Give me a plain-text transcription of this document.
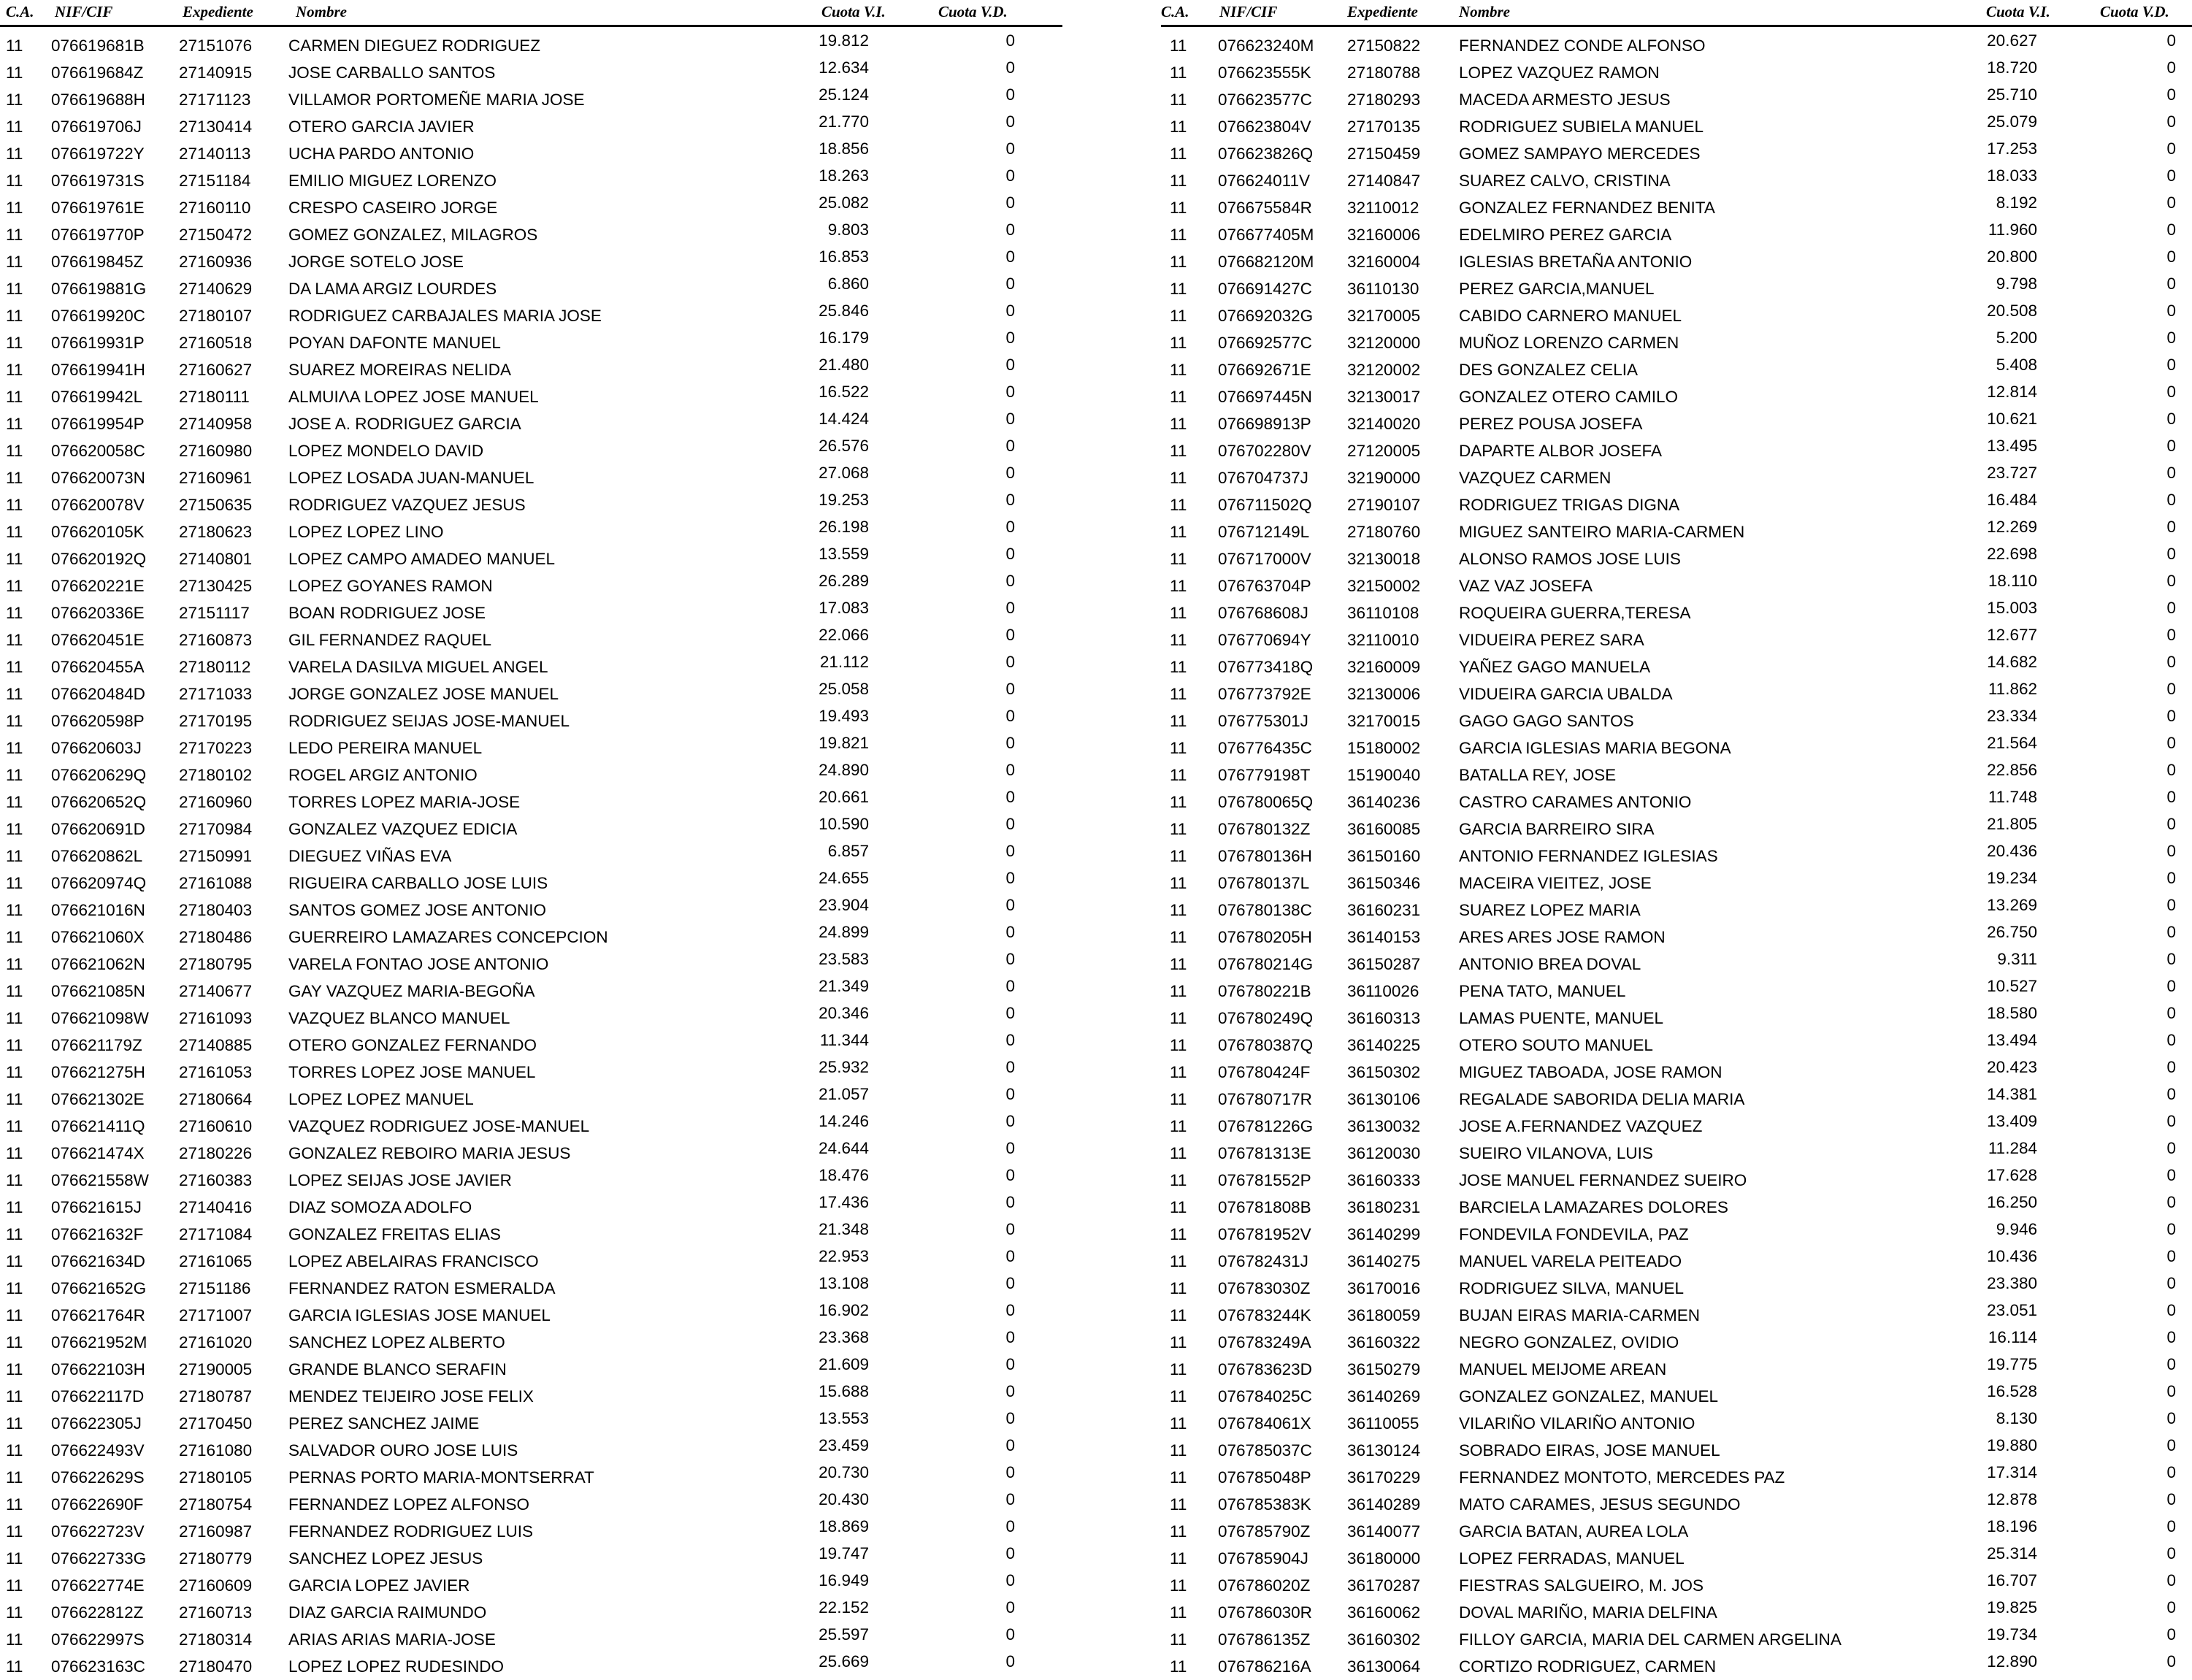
C.A. NIF/CIF	Expediente	Nombre	Cuota V.I.	Cuota V.D.
11 076619681B 27151076 CARMEN DIEGUEZ RODRIGUEZ	19.812	0
11 076619684Z 27140915 JOSE CARBALLO SANTOS	12.634	0
11 076619688H 27171123 VILLAMOR PORTOMEÑE MARIA JOSE	25.124	0
11 076619706J 27130414 OTERO GARCIA JAVIER	21.770	0
11 076619722Y 27140113 UCHA PARDO ANTONIO	18.856	0
11 076619731S 27151184 EMILIO MIGUEZ LORENZO	18.263	0
11 076619761E 27160110 CRESPO CASEIRO JORGE	25.082	0
11 076619770P 27150472 GOMEZ GONZALEZ, MILAGROS	9.803	0
11 076619845Z 27160936 JORGE SOTELO JOSE	16.853	0
11 076619881G 27140629 DA LAMA ARGIZ LOURDES	6.860	0
11 076619920C 27180107 RODRIGUEZ CARBAJALES MARIA JOSE	25.846	0
11 076619931P 27160518 POYAN DAFONTE MANUEL	16.179	0
11 076619941H 27160627 SUAREZ MOREIRAS NELIDA	21.480	0
11 076619942L 27180111 ALMUIΛA LOPEZ JOSE MANUEL	16.522	0
11 076619954P 27140958 JOSE A. RODRIGUEZ GARCIA	14.424	0
11 076620058C 27160980 LOPEZ MONDELO DAVID	26.576	0
11 076620073N 27160961 LOPEZ LOSADA JUAN-MANUEL	27.068	0
11 076620078V 27150635 RODRIGUEZ VAZQUEZ JESUS	19.253	0
11 076620105K 27180623 LOPEZ LOPEZ LINO	26.198	0
11 076620192Q 27140801 LOPEZ CAMPO AMADEO MANUEL	13.559	0
11 076620221E 27130425 LOPEZ GOYANES RAMON	26.289	0
11 076620336E 27151117 BOAN RODRIGUEZ JOSE	17.083	0
11 076620451E 27160873 GIL FERNANDEZ RAQUEL	22.066	0
11 076620455A 27180112 VARELA DASILVA MIGUEL ANGEL	21.112	0
11 076620484D 27171033 JORGE GONZALEZ JOSE MANUEL	25.058	0
11 076620598P 27170195 RODRIGUEZ SEIJAS JOSE-MANUEL	19.493	0
11 076620603J 27170223 LEDO PEREIRA MANUEL	19.821	0
11 076620629Q 27180102 ROGEL ARGIZ ANTONIO	24.890	0
11 076620652Q 27160960 TORRES LOPEZ MARIA-JOSE	20.661	0
11 076620691D 27170984 GONZALEZ VAZQUEZ EDICIA	10.590	0
11 076620862L 27150991 DIEGUEZ VIÑAS EVA	6.857	0
11 076620974Q 27161088 RIGUEIRA CARBALLO JOSE LUIS	24.655	0
11 076621016N 27180403 SANTOS GOMEZ JOSE ANTONIO	23.904	0
11 076621060X 27180486 GUERREIRO LAMAZARES CONCEPCION	24.899	0
11 076621062N 27180795 VARELA FONTAO JOSE ANTONIO	23.583	0
11 076621085N 27140677 GAY VAZQUEZ MARIA-BEGOÑA	21.349	0
11 076621098W 27161093 VAZQUEZ BLANCO MANUEL	20.346	0
11 076621179Z 27140885 OTERO GONZALEZ FERNANDO	11.344	0
11 076621275H 27161053 TORRES LOPEZ JOSE MANUEL	25.932	0
11 076621302E 27180664 LOPEZ LOPEZ MANUEL	21.057	0
11 076621411Q 27160610 VAZQUEZ RODRIGUEZ JOSE-MANUEL	14.246	0
11 076621474X 27180226 GONZALEZ REBOIRO MARIA JESUS	24.644	0
11 076621558W 27160383 LOPEZ SEIJAS JOSE JAVIER	18.476	0
11 076621615J 27140416 DIAZ SOMOZA ADOLFO	17.436	0
11 076621632F 27171084 GONZALEZ FREITAS ELIAS	21.348	0
11 076621634D 27161065 LOPEZ ABELAIRAS FRANCISCO	22.953	0
11 076621652G 27151186 FERNANDEZ RATON ESMERALDA	13.108	0
11 076621764R 27171007 GARCIA IGLESIAS JOSE MANUEL	16.902	0
11 076621952M 27161020 SANCHEZ LOPEZ ALBERTO	23.368	0
11 076622103H 27190005 GRANDE BLANCO SERAFIN	21.609	0
11 076622117D 27180787 MENDEZ TEIJEIRO JOSE FELIX	15.688	0
11 076622305J 27170450 PEREZ SANCHEZ JAIME	13.553	0
11 076622493V 27161080 SALVADOR OURO JOSE LUIS	23.459	0
11 076622629S 27180105 PERNAS PORTO MARIA-MONTSERRAT	20.730	0
11 076622690F 27180754 FERNANDEZ LOPEZ ALFONSO	20.430	0
11 076622723V 27160987 FERNANDEZ RODRIGUEZ LUIS	18.869	0
11 076622733G 27180779 SANCHEZ LOPEZ JESUS	19.747	0
11 076622774E 27160609 GARCIA LOPEZ JAVIER	16.949	0
11 076622812Z 27160713 DIAZ GARCIA RAIMUNDO	22.152	0
11 076622997S 27180314 ARIAS ARIAS MARIA-JOSE	25.597	0
11 076623163C 27180470 LOPEZ LOPEZ RUDESINDO	25.669	0
C.A. NIF/CIF	Expediente	Nombre	Cuota V.I.	Cuota V.D.
11 076623240M 27150822 FERNANDEZ CONDE ALFONSO	20.627	0
11 076623555K 27180788 LOPEZ VAZQUEZ RAMON	18.720	0
11 076623577C 27180293 MACEDA ARMESTO JESUS	25.710	0
11 076623804V 27170135 RODRIGUEZ SUBIELA MANUEL	25.079	0
11 076623826Q 27150459 GOMEZ SAMPAYO MERCEDES	17.253	0
11 076624011V 27140847 SUAREZ CALVO, CRISTINA	18.033	0
11 076675584R 32110012 GONZALEZ FERNANDEZ BENITA	8.192	0
11 076677405M 32160006 EDELMIRO PEREZ GARCIA	11.960	0
11 076682120M 32160004 IGLESIAS BRETAÑA ANTONIO	20.800	0
11 076691427C 36110130 PEREZ GARCIA,MANUEL	9.798	0
11 076692032G 32170005 CABIDO CARNERO MANUEL	20.508	0
11 076692577C 32120000 MUÑOZ LORENZO CARMEN	5.200	0
11 076692671E 32120002 DES GONZALEZ CELIA	5.408	0
11 076697445N 32130017 GONZALEZ OTERO CAMILO	12.814	0
11 076698913P 32140020 PEREZ POUSA JOSEFA	10.621	0
11 076702280V 27120005 DAPARTE ALBOR JOSEFA	13.495	0
11 076704737J 32190000 VAZQUEZ CARMEN	23.727	0
11 076711502Q 27190107 RODRIGUEZ TRIGAS DIGNA	16.484	0
11 076712149L 27180760 MIGUEZ SANTEIRO MARIA-CARMEN	12.269	0
11 076717000V 32130018 ALONSO RAMOS JOSE LUIS	22.698	0
11 076763704P 32150002 VAZ VAZ JOSEFA	18.110	0
11 076768608J 36110108 ROQUEIRA GUERRA,TERESA	15.003	0
11 076770694Y 32110010 VIDUEIRA PEREZ SARA	12.677	0
11 076773418Q 32160009 YAÑEZ GAGO MANUELA	14.682	0
11 076773792E 32130006 VIDUEIRA GARCIA UBALDA	11.862	0
11 076775301J 32170015 GAGO GAGO SANTOS	23.334	0
11 076776435C 15180002 GARCIA IGLESIAS MARIA BEGONA	21.564	0
11 076779198T 15190040 BATALLA REY, JOSE	22.856	0
11 076780065Q 36140236 CASTRO CARAMES ANTONIO	11.748	0
11 076780132Z 36160085 GARCIA BARREIRO SIRA	21.805	0
11 076780136H 36150160 ANTONIO FERNANDEZ IGLESIAS	20.436	0
11 076780137L 36150346 MACEIRA VIEITEZ, JOSE	19.234	0
11 076780138C 36160231 SUAREZ LOPEZ MARIA	13.269	0
11 076780205H 36140153 ARES ARES JOSE RAMON	26.750	0
11 076780214G 36150287 ANTONIO BREA DOVAL	9.311	0
11 076780221B 36110026 PENA TATO, MANUEL	10.527	0
11 076780249Q 36160313 LAMAS PUENTE, MANUEL	18.580	0
11 076780387Q 36140225 OTERO SOUTO MANUEL	13.494	0
11 076780424F 36150302 MIGUEZ TABOADA, JOSE RAMON	20.423	0
11 076780717R 36130106 REGALADE SABORIDA DELIA MARIA	14.381	0
11 076781226G 36130032 JOSE A.FERNANDEZ VAZQUEZ	13.409	0
11 076781313E 36120030 SUEIRO VILANOVA, LUIS	11.284	0
11 076781552P 36160333 JOSE MANUEL FERNANDEZ SUEIRO	17.628	0
11 076781808B 36180231 BARCIELA LAMAZARES DOLORES	16.250	0
11 076781952V 36140299 FONDEVILA FONDEVILA, PAZ	9.946	0
11 076782431J 36140275 MANUEL VARELA PEITEADO	10.436	0
11 076783030Z 36170016 RODRIGUEZ SILVA, MANUEL	23.380	0
11 076783244K 36180059 BUJAN EIRAS MARIA-CARMEN	23.051	0
11 076783249A 36160322 NEGRO GONZALEZ, OVIDIO	16.114	0
11 076783623D 36150279 MANUEL MEIJOME AREAN	19.775	0
11 076784025C 36140269 GONZALEZ GONZALEZ, MANUEL	16.528	0
11 076784061X 36110055 VILARIÑO VILARIÑO ANTONIO	8.130	0
11 076785037C 36130124 SOBRADO EIRAS, JOSE MANUEL	19.880	0
11 076785048P 36170229 FERNANDEZ MONTOTO, MERCEDES PAZ	17.314	0
11 076785383K 36140289 MATO CARAMES, JESUS SEGUNDO	12.878	0
11 076785790Z 36140077 GARCIA BATAN, AUREA LOLA	18.196	0
11 076785904J 36180000 LOPEZ FERRADAS, MANUEL	25.314	0
11 076786020Z 36170287 FIESTRAS SALGUEIRO, M. JOS	16.707	0
11 076786030R 36160062 DOVAL MARIÑO, MARIA DELFINA	19.825	0
11 076786135Z 36160302 FILLOY GARCIA, MARIA DEL CARMEN ARGELINA	19.734	0
11 076786216A 36130064 CORTIZO RODRIGUEZ, CARMEN	12.890	0
